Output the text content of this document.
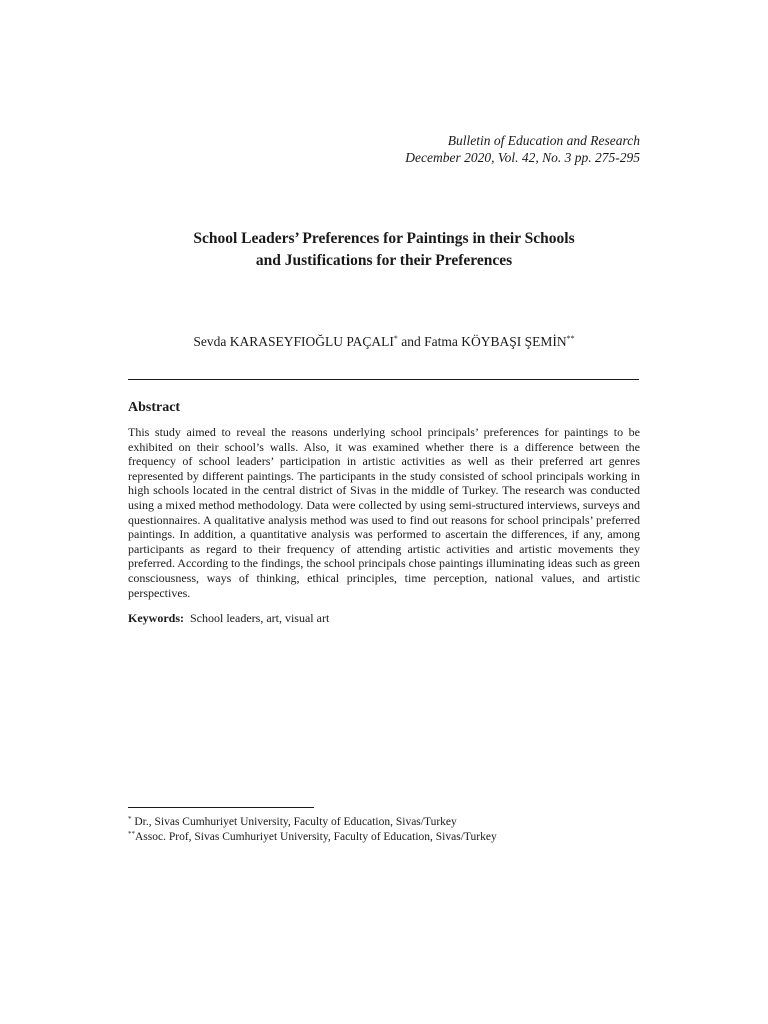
Bulletin of Education and Research
December 2020, Vol. 42, No. 3 pp. 275-295
School Leaders’ Preferences for Paintings in their Schools
and Justifications for their Preferences
Sevda KARASEYFIOĞLU PAÇALI* and Fatma KÖYBAŞI ŞEMİN**
Abstract

This study aimed to reveal the reasons underlying school principals’ preferences for paintings to be exhibited on their school’s walls. Also, it was examined whether there is a difference between the frequency of school leaders’ participation in artistic activities as well as their preferred art genres represented by different paintings. The participants in the study consisted of school principals working in high schools located in the central district of Sivas in the middle of Turkey. The research was conducted using a mixed method methodology. Data were collected by using semi-structured interviews, surveys and questionnaires. A qualitative analysis method was used to find out reasons for school principals’ preferred paintings. In addition, a quantitative analysis was performed to ascertain the differences, if any, among participants as regard to their frequency of attending artistic activities and artistic movements they preferred. According to the findings, the school principals chose paintings illuminating ideas such as green consciousness, ways of thinking, ethical principles, time perception, national values, and artistic perspectives.

Keywords: School leaders, art, visual art
* Dr., Sivas Cumhuriyet University, Faculty of Education, Sivas/Turkey
**Assoc. Prof, Sivas Cumhuriyet University, Faculty of Education, Sivas/Turkey
